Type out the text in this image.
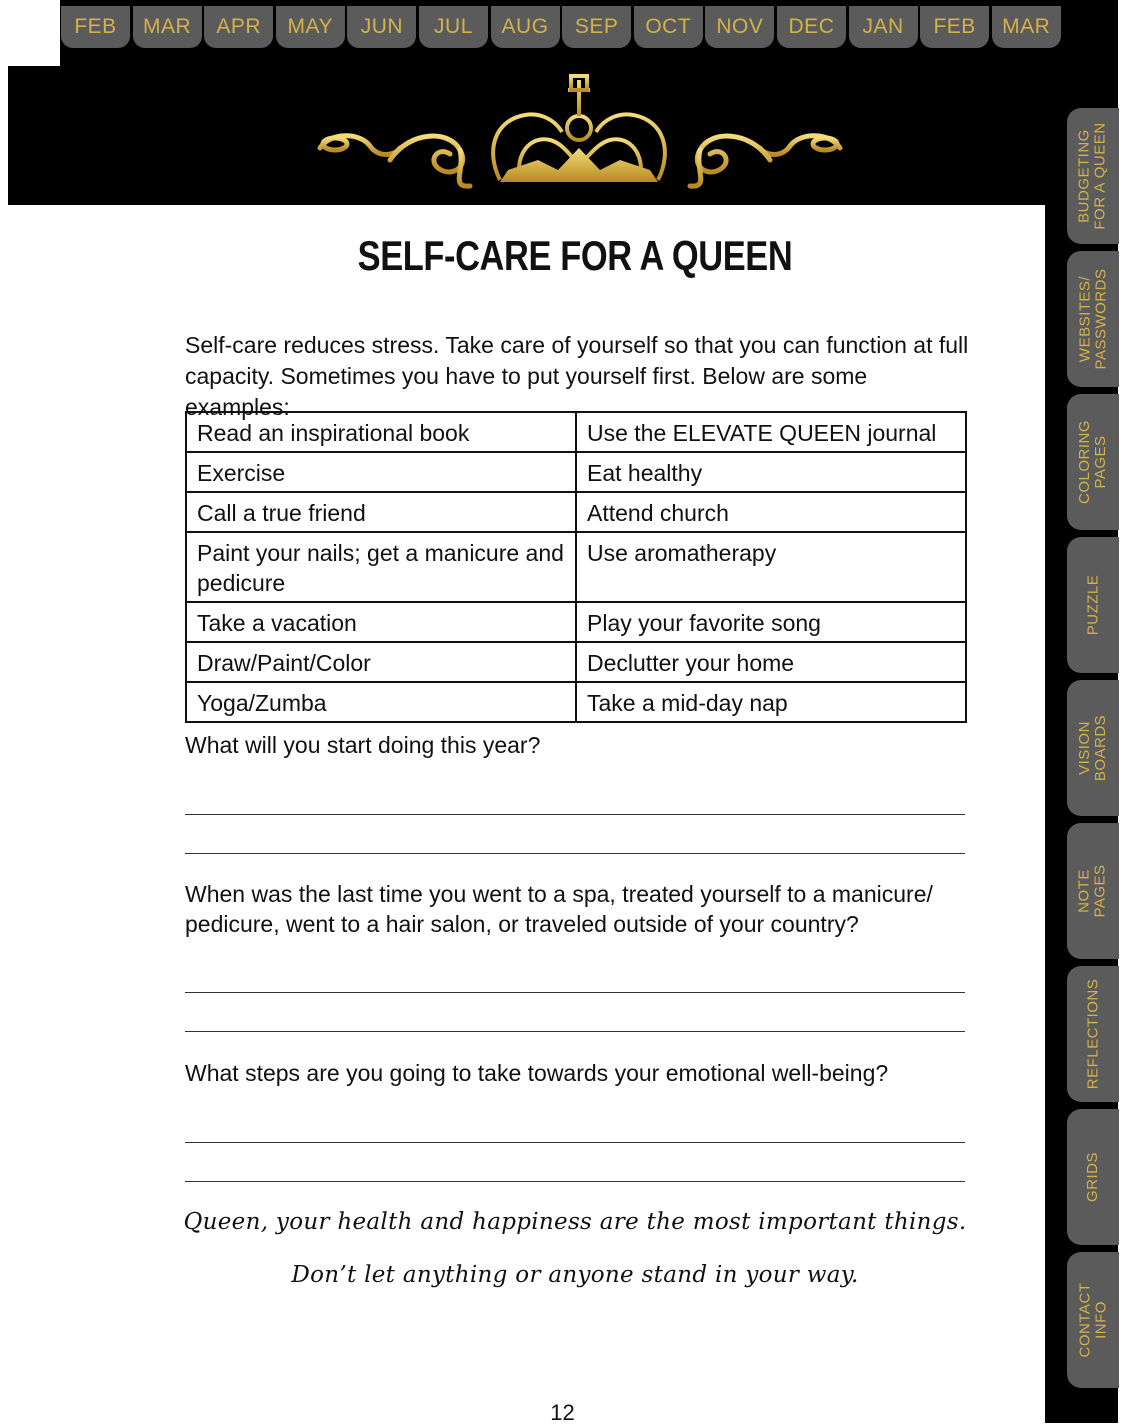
FEB	MAR	APR	MAY	JUN	JUL	AUG	SEP	OCT	NOV	DEC	JAN	FEB	MAR
BUDGETING
FOR A QUEEN
WEBSITES/
PASSWORDS
COLORING
PAGES
PUZZLE
VISION
BOARDS
NOTE
PAGES
REFLECTIONS
GRIDS
CONTACT
INFO
SELF-CARE FOR A QUEEN
Self-care reduces stress. Take care of yourself so that you can function at full capacity. Sometimes you have to put yourself first. Below are some examples:
Read an inspirational book	Use the ELEVATE QUEEN journal
Exercise	Eat healthy
Call a true friend	Attend church
Paint your nails; get a manicure and pedicure	Use aromatherapy
Take a vacation	Play your favorite song
Draw/Paint/Color	Declutter your home
Yoga/Zumba	Take a mid-day nap
What will you start doing this year?
When was the last time you went to a spa, treated yourself to a manicure/ pedicure, went to a hair salon, or traveled outside of your country?
What steps are you going to take towards your emotional well-being?
Queen, your health and happiness are the most important things.
Don’t let anything or anyone stand in your way.
12
